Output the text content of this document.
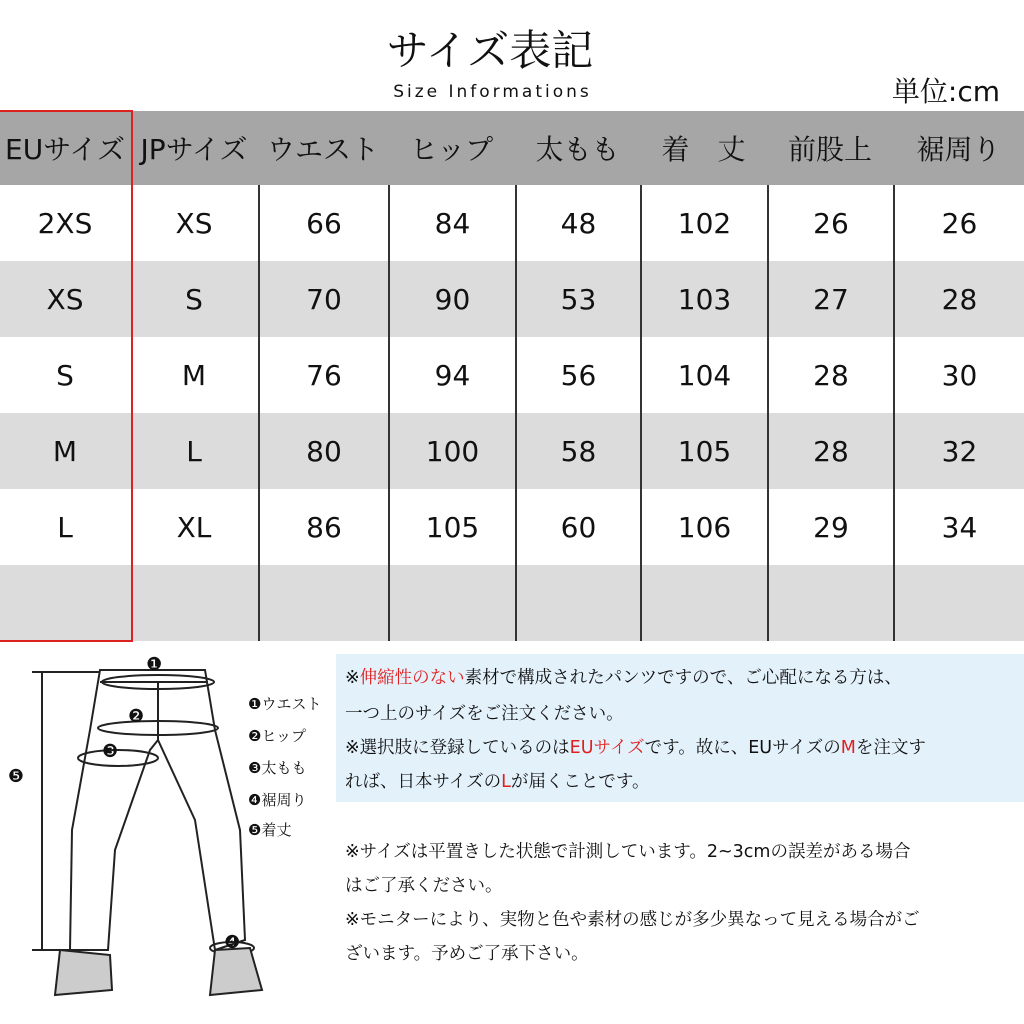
サイズ表記
Size Informations	単位:cm
EUサイズ JPサイズ ウエスト	ヒップ	太もも	着　丈	前股上	裾周り
2XS	XS	66	84	48	102	26	26
XS	S	70	90	53	103	27	28
S	M	76	94	56	104	28	30
M	L	80	100	58	105	28	32
L	XL	86	105	60	106	29	34
❶
❷
❸
❹
❺
❶ウエスト
❷ヒップ
❸太もも
❹裾周り
❺着丈
※伸縮性のない素材で構成されたパンツですので、ご心配になる方は、
一つ上のサイズをご注文ください。
※選択肢に登録しているのはEUサイズです。故に、EUサイズのMを注文す
れば、日本サイズのLが届くことです。
※サイズは平置きした状態で計測しています。2~3cmの誤差がある場合
はご了承ください。
※モニターにより、実物と色や素材の感じが多少異なって見える場合がご
ざいます。予めご了承下さい。
